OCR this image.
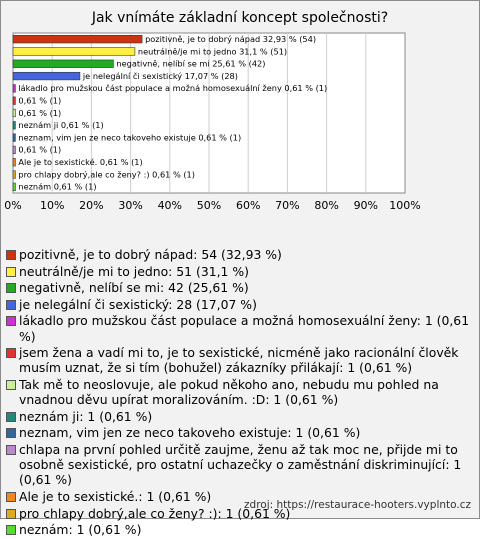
Jak vnímáte základní koncept společnosti?
0% 10% 20% 30% 40% 50% 60% 70% 80% 90% 100%
pozitivně, je to dobrý nápad 32,93 % (54)
neutrálně/je mi to jedno 31,1 % (51)
negativně, nelíbí se mi 25,61 % (42)
je nelegální či sexistický 17,07 % (28)
lákadlo pro mužskou část populace a možná homosexuální ženy 0,61 % (1)
0,61 % (1)
0,61 % (1)
neznám ji 0,61 % (1)
neznam, vim jen ze neco takoveho existuje 0,61 % (1)
0,61 % (1)
Ale je to sexistické. 0,61 % (1)
pro chlapy dobrý,ale co ženy? :) 0,61 % (1)
neznám 0,61 % (1)
pozitivně, je to dobrý nápad: 54 (32,93 %)
neutrálně/je mi to jedno: 51 (31,1 %)
negativně, nelíbí se mi: 42 (25,61 %)
je nelegální či sexistický: 28 (17,07 %)
lákadlo pro mužskou část populace a možná homosexuální ženy: 1 (0,61 %)
jsem žena a vadí mi to, je to sexistické, nicméně jako racionální člověk musím uznat, že si tím (bohužel) zákazníky přilákají: 1 (0,61 %)
Tak mě to neoslovuje, ale pokud někoho ano, nebudu mu pohled na vnadnou děvu upírat moralizováním. :D: 1 (0,61 %)
neznám ji: 1 (0,61 %)
neznam, vim jen ze neco takoveho existuje: 1 (0,61 %)
chlapa na první pohled určitě zaujme, ženu až tak moc ne, přijde mi to osobně sexistické, pro ostatní uchazečky o zaměstnání diskriminující: 1 (0,61 %)
Ale je to sexistické.: 1 (0,61 %)
pro chlapy dobrý,ale co ženy? :): 1 (0,61 %)
neznám: 1 (0,61 %)
zdroj: https://restaurace-hooters.vyplnto.cz
